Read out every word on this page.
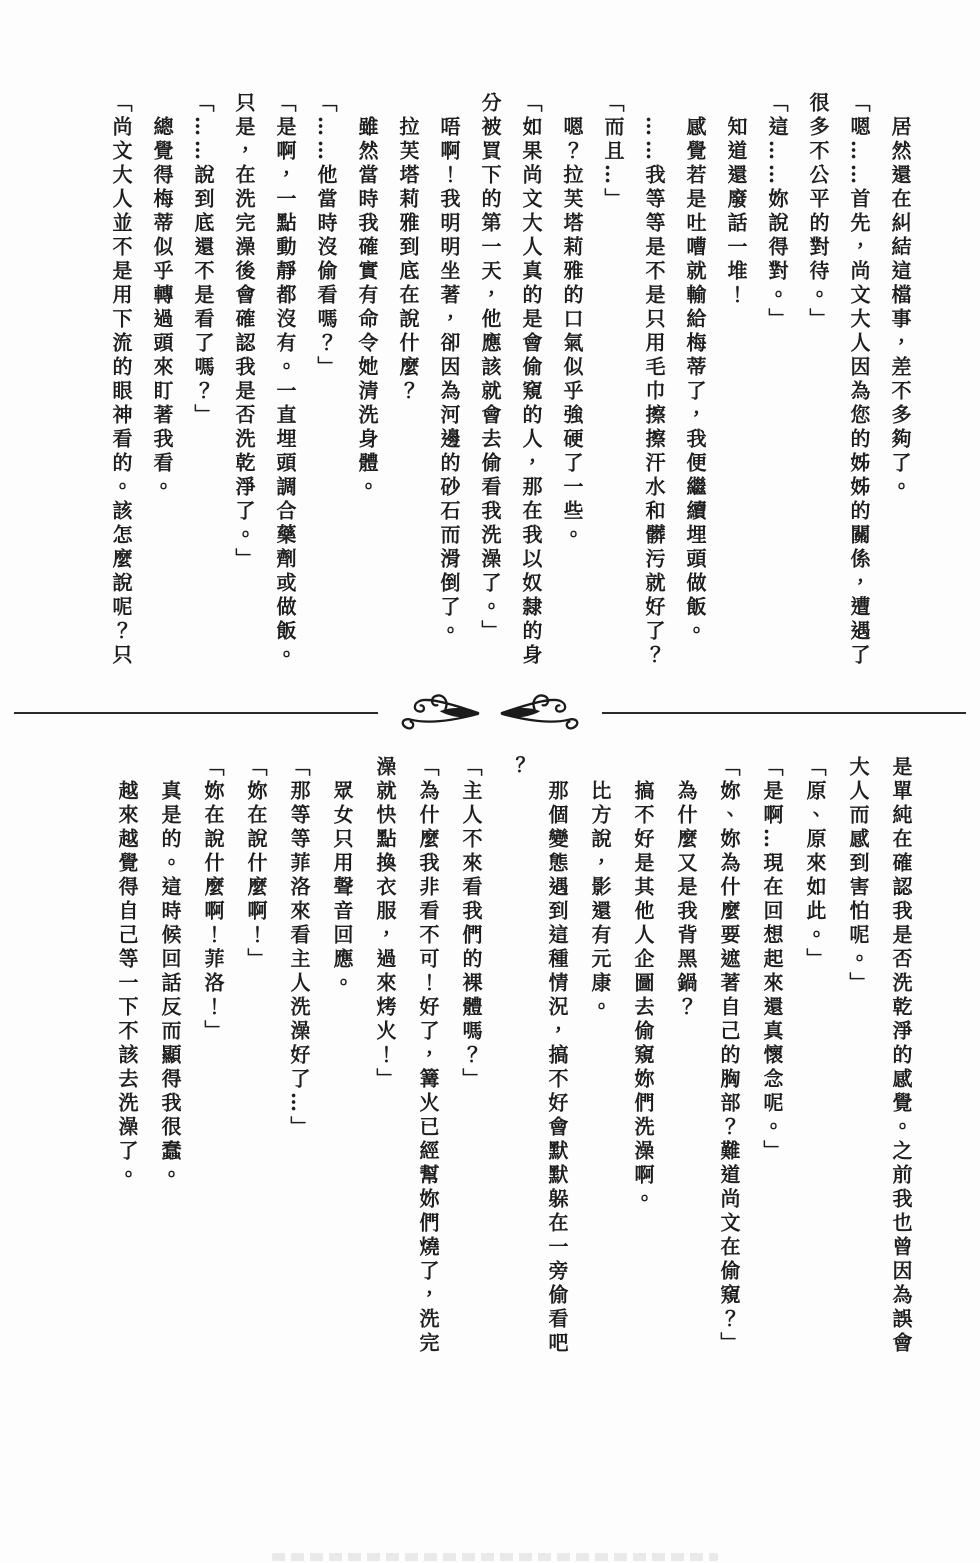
居然還在糾結這檔事，差不多夠了。

「嗯……首先，尚文大人因為您的姊姊的關係，遭遇了

很多不公平的對待。」

「這……妳說得對。」

知道還廢話一堆！

感覺若是吐嘈就輸給梅蒂了，我便繼續埋頭做飯。

……我等等是不是只用毛巾擦擦汗水和髒污就好了？

「而且…」

嗯？拉芙塔莉雅的口氣似乎強硬了一些。

「如果尚文大人真的是會偷窺的人，那在我以奴隸的身

分被買下的第一天，他應該就會去偷看我洗澡了。」

唔啊！我明明坐著，卻因為河邊的砂石而滑倒了。

拉芙塔莉雅到底在說什麼？

雖然當時我確實有命令她清洗身體。

「……他當時沒偷看嗎？」

「是啊，一點動靜都沒有。一直埋頭調合藥劑或做飯。

只是，在洗完澡後會確認我是否洗乾淨了。」

「……說到底還不是看了嗎？」

總覺得梅蒂似乎轉過頭來盯著我看。

「尚文大人並不是用下流的眼神看的。該怎麼說呢？只

是單純在確認我是否洗乾淨的感覺。之前我也曾因為誤會

大人而感到害怕呢。」

「原、原來如此。」

「是啊…現在回想起來還真懷念呢。」

「妳、妳為什麼要遮著自己的胸部？難道尚文在偷窺？」

為什麼又是我背黑鍋？

搞不好是其他人企圖去偷窺妳們洗澡啊。

比方說，影還有元康。

那個變態遇到這種情況，搞不好會默默躲在一旁偷看吧

？

「主人不來看我們的裸體嗎？」

「為什麼我非看不可！好了，篝火已經幫妳們燒了，洗完

澡就快點換衣服，過來烤火！」

眾女只用聲音回應。

「那等等菲洛來看主人洗澡好了…」

「妳在說什麼啊！」

「妳在說什麼啊！菲洛！」

真是的。這時候回話反而顯得我很蠢。

越來越覺得自己等一下不該去洗澡了。
